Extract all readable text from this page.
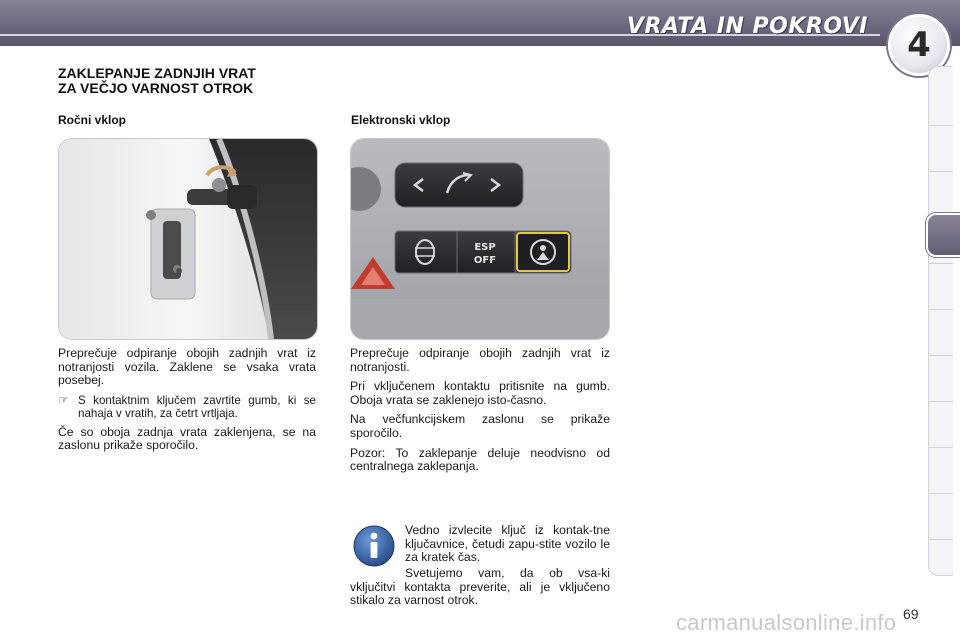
VRATA IN POKROVI	4
ZAKLEPANJE ZADNJIH VRAT
ZA VEČJO VARNOST OTROK
Ročni vklop	Elektronski vklop
ESP
OFF

Preprečuje odpiranje obojih zadnjih vrat iz notranjosti vozila. Zaklene se vsaka vrata posebej.

☞ S kontaktnim ključem zavrtite gumb, ki se nahaja v vratih, za četrt vrtljaja.

Če so oboja zadnja vrata zaklenjena, se na zaslonu prikaže sporočilo.

Preprečuje odpiranje obojih zadnjih vrat iz notranjosti.

Pri vključenem kontaktu pritisnite na gumb. Oboja vrata se zaklenejo isto-časno.

Na večfunkcijskem zaslonu se prikaže sporočilo.

Pozor: To zaklepanje deluje neodvisno od centralnega zaklepanja.

Vedno izvlecite ključ iz kontak-tne ključavnice, četudi zapu-stite vozilo le za kratek čas.

Svetujemo vam, da ob vsa-ki vključitvi kontakta preverite, ali je vključeno stikalo za varnost otrok.

69
carmanualsonline.info
